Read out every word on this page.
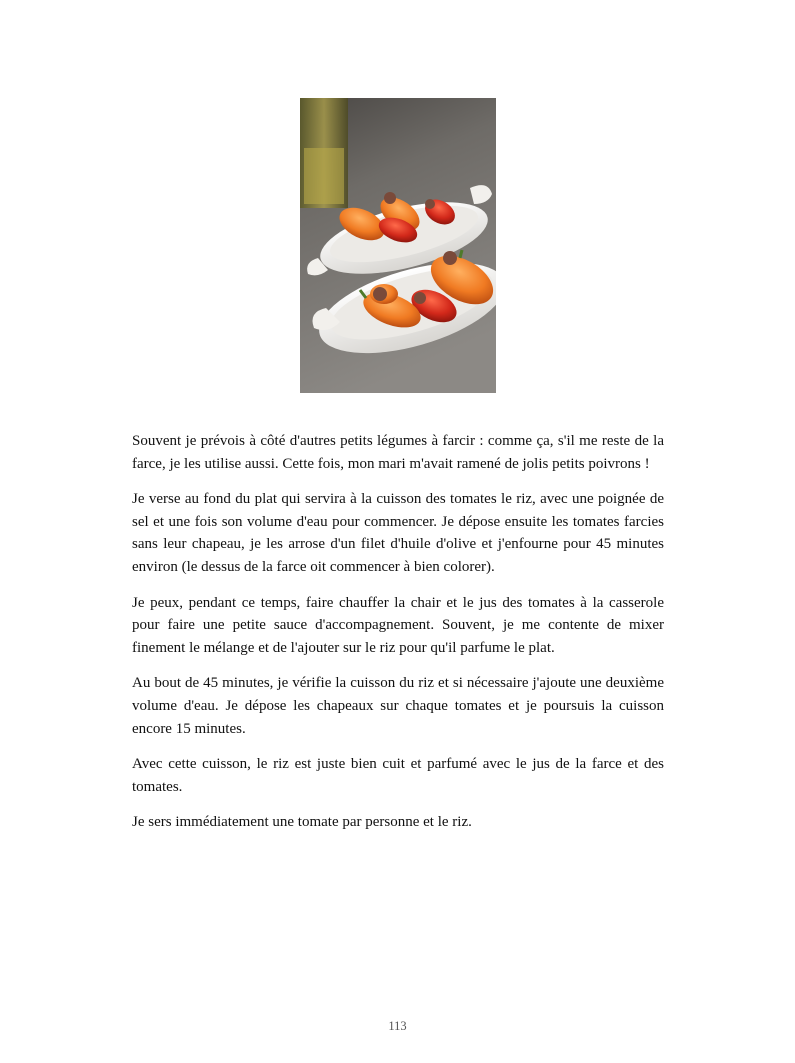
Souvent je prévois à côté d'autres petits légumes à farcir : comme ça, s'il me reste de la farce, je les utilise aussi. Cette fois, mon mari m'avait ramené de jolis petits poivrons !

Je verse au fond du plat qui servira à la cuisson des tomates le riz, avec une poignée de sel et une fois son volume d'eau pour commencer. Je dépose ensuite les tomates farcies sans leur chapeau, je les arrose d'un filet d'huile d'olive et j'enfourne pour 45 minutes environ (le dessus de la farce oit commencer à bien colorer).

Je peux, pendant ce temps, faire chauffer la chair et le jus des tomates à la casserole pour faire une petite sauce d'accompagnement. Souvent, je me contente de mixer finement le mélange et de l'ajouter sur le riz pour qu'il parfume le plat.

Au bout de 45 minutes, je vérifie la cuisson du riz et si nécessaire j'ajoute une deuxième volume d'eau. Je dépose les chapeaux sur chaque tomates et je poursuis la cuisson encore 15 minutes.

Avec cette cuisson, le riz est juste bien cuit et parfumé avec le jus de la farce et des tomates.

Je sers immédiatement une tomate par personne et le riz.

113
